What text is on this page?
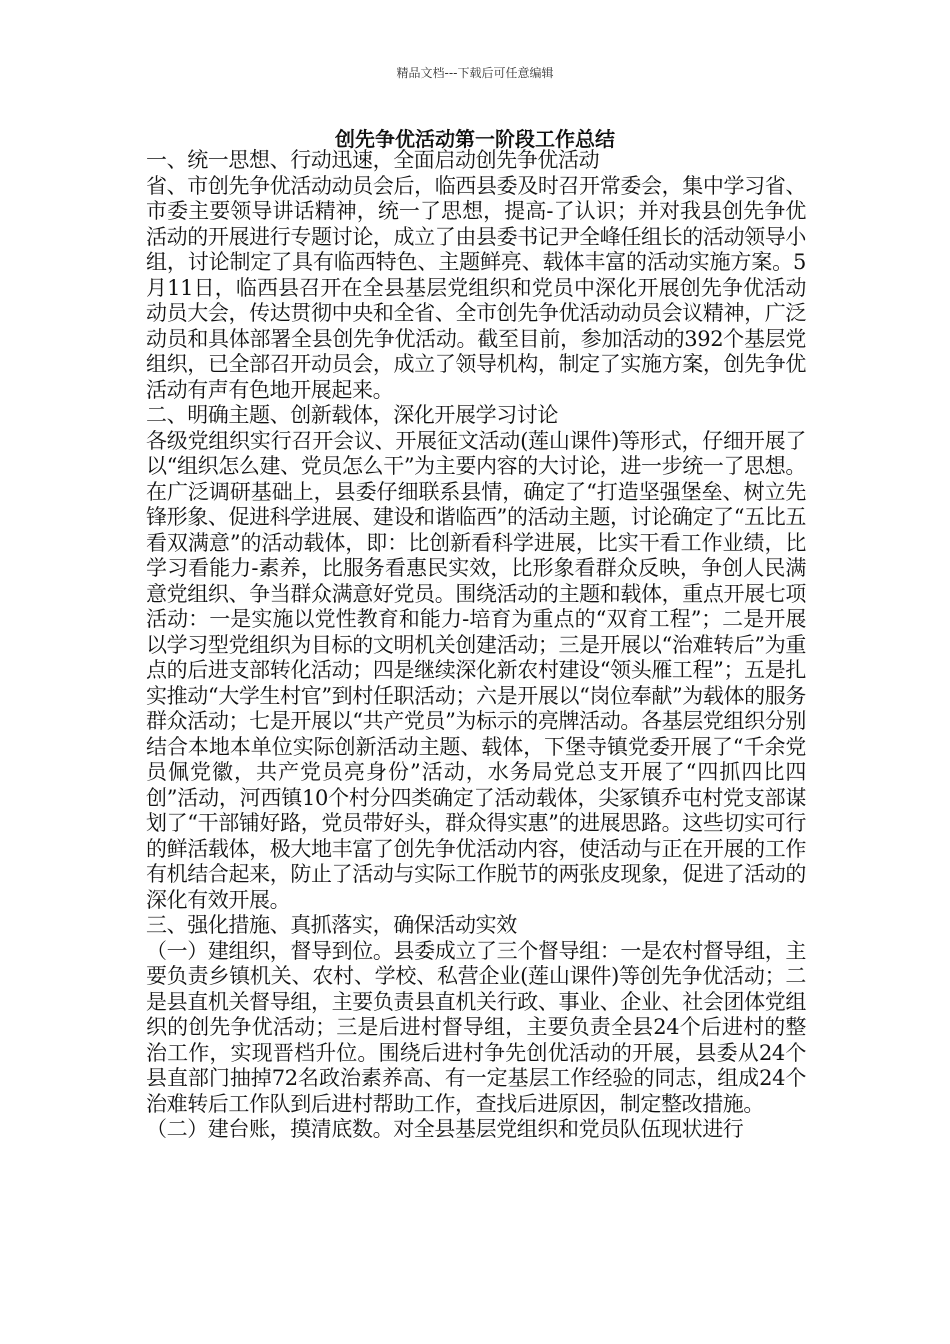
精品文档---下载后可任意编辑
创先争优活动第一阶段工作总结

一、统一思想、行动迅速，全面启动创先争优活动

省、市创先争优活动动员会后，临西县委及时召开常委会，集中学习省、市委主要领导讲话精神，统一了思想，提高-了认识；并对我县创先争优活动的开展进行专题讨论，成立了由县委书记尹全峰任组长的活动领导小组，讨论制定了具有临西特色、主题鲜亮、载体丰富的活动实施方案。5月11日，临西县召开在全县基层党组织和党员中深化开展创先争优活动动员大会，传达贯彻中央和全省、全市创先争优活动动员会议精神，广泛动员和具体部署全县创先争优活动。截至目前，参加活动的392个基层党组织，已全部召开动员会，成立了领导机构，制定了实施方案，创先争优活动有声有色地开展起来。

二、明确主题、创新载体，深化开展学习讨论

各级党组织实行召开会议、开展征文活动(莲山课件)等形式，仔细开展了以“组织怎么建、党员怎么干”为主要内容的大讨论，进一步统一了思想。在广泛调研基础上，县委仔细联系县情，确定了“打造坚强堡垒、树立先锋形象、促进科学进展、建设和谐临西”的活动主题，讨论确定了“五比五看双满意”的活动载体，即：比创新看科学进展，比实干看工作业绩，比学习看能力-素养，比服务看惠民实效，比形象看群众反映，争创人民满意党组织、争当群众满意好党员。围绕活动的主题和载体，重点开展七项活动：一是实施以党性教育和能力-培育为重点的“双育工程”；二是开展以学习型党组织为目标的文明机关创建活动；三是开展以“治难转后”为重点的后进支部转化活动；四是继续深化新农村建设“领头雁工程”；五是扎实推动“大学生村官”到村任职活动；六是开展以“岗位奉献”为载体的服务群众活动；七是开展以“共产党员”为标示的亮牌活动。各基层党组织分别结合本地本单位实际创新活动主题、载体，下堡寺镇党委开展了“千余党员佩党徽，共产党员亮身份”活动，水务局党总支开展了“四抓四比四创”活动，河西镇10个村分四类确定了活动载体，尖冢镇乔屯村党支部谋划了“干部铺好路，党员带好头，群众得实惠”的进展思路。这些切实可行的鲜活载体，极大地丰富了创先争优活动内容，使活动与正在开展的工作有机结合起来，防止了活动与实际工作脱节的两张皮现象，促进了活动的深化有效开展。

三、强化措施、真抓落实，确保活动实效

（一）建组织，督导到位。县委成立了三个督导组：一是农村督导组，主要负责乡镇机关、农村、学校、私营企业(莲山课件)等创先争优活动；二是县直机关督导组，主要负责县直机关行政、事业、企业、社会团体党组织的创先争优活动；三是后进村督导组，主要负责全县24个后进村的整治工作，实现晋档升位。围绕后进村争先创优活动的开展，县委从24个县直部门抽掉72名政治素养高、有一定基层工作经验的同志，组成24个治难转后工作队到后进村帮助工作，查找后进原因，制定整改措施。

（二）建台账，摸清底数。对全县基层党组织和党员队伍现状进行
